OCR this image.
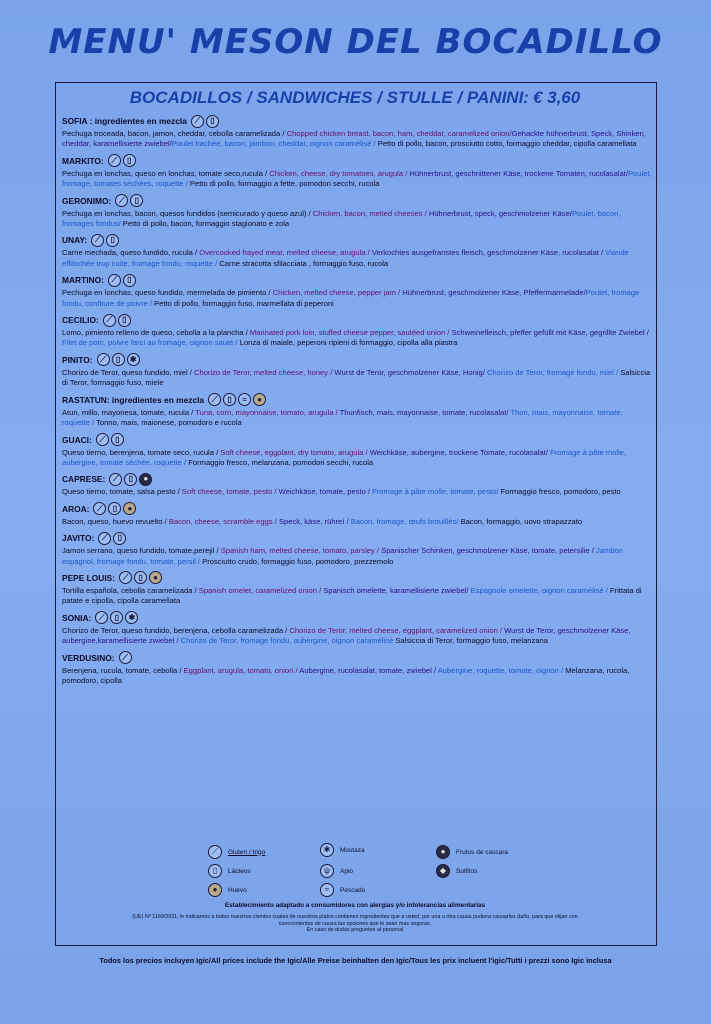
MENU' MESON DEL BOCADILLO
BOCADILLOS / SANDWICHES / STULLE / PANINI: € 3,60
SOFIA : ingredientes en mezcla ⟋	▯
Pechuga troceada, bacon, jamon, cheddar, cebolla caramelizada / Chopped chicken breast, bacon, ham, cheddar, caramelized onion/Gehackte hühnerbrust, Speck, Shinken, cheddar, karamellisierte zwiebel/Poulet hachée, bacon, jambon, cheddar, oignon caramélisé / Petto di pollo, bacon, prosciutto cotto, formaggio cheddar, cipolla caramellata
MARKITO: ⟋	▯
Pechuga en lonchas, queso en lonchas, tomate seco,rucula / Chicken, cheese, dry tomatoes, arugula / Hühnerbrust, geschnittener Käse, trockene Tomaten, rucolasalat/Poulet, fromage, tomates séchées, roquette / Petto di pollo, formaggio a fette, pomodori secchi, rucola
GERONIMO: ⟋	▯
Pechuga en lonchas, bacon, quesos fundidos (semicurado y queso azul) / Chicken, bacon, melted cheeses / Hühnerbrust, speck, geschmolzener Käse/Poulet, bacon, fromages fondus/ Petto di pollo, bacon, formaggio stagionato e zola
UNAY: ⟋	▯
Carne mechada, queso fundido, rucula / Overcooked frayed meat, melted cheese, arugula / Verkochtes ausgefranstes fleisch, geschmolzener Käse, rucolasalat / Viande effilochée trop cuite, fromage fondu, roquette / Carne stracotta sfilacciata , formaggio fuso, rucola
MARTINO: ⟋	▯
Pechuga en lonchas, queso fundido, mermelada de pimiento / Chicken, melted cheese, pepper jam / Hühnerbrust, geschmolzener Käse, Pfeffermarmelade/Poulet, fromage fondu, confiture de poivre / Petto di pollo, formaggio fuso, marmellata di peperoni
CECILIO: ⟋	▯
Lomo, pimiento relleno de queso, cebolla a la plancha / Marinated pork loin, stuffed cheese pepper, sautéed onion / Schweinefleisch, pfeffer gefüllt mit Käse, gegrillte Zwiebel / Filet de porc, poivre farci au fromage, oignon sauté / Lonza di maiale, peperoni ripieni di formaggio, cipolla alla piastra
PINITO: ⟋	▯	✱
Chorizo de Teror, queso fundido, miel / Chorizo de Teror, melted cheese, honey / Wurst de Teror, geschmolzener Käse, Honig/ Chorizo de Teror, fromage fondu, miel / Salsiccia di Teror, formaggio fuso, miele
RASTATUN: ingredientes en mezcla ⟋	▯	≈	●
Atun, millo, mayonesa, tomate, rucula / Tuna, corn, mayonnaise, tomato, arugula / Thunfisch, mais, mayonnaise, tomate, rucolasalat/ Thon, mais, mayonnaise, tomate, roquette / Tonno, mais, maionese, pomodoro e rucola
GUACI: ⟋	▯
Queso tierno, berenjena, tomate seco, rucula / Soft cheese, eggplant, dry tomato, arugula / Weichkäse, aubergine, trockene Tomate, rucolasalat/ Fromage à pâte molle, aubergine, tomate séchée, roquette / Formaggio fresco, melanzana, pomodori secchi, rucola
CAPRESE: ⟋	▯	●
Queso tierno, tomate, salsa pesto / Soft cheese, tomate, pesto / Weichkäse, tomate, pesto / Fromage à pâte molle, tomate, pesto/ Formaggio fresco, pomodoro, pesto
AROA: ⟋	▯	●
Bacon, queso, huevo revuelto / Bacon, cheese, scramble eggs / Speck, käse, rühreí / Bacon, fromage, œufs brouillés/ Bacon, formaggio, uovo strapazzato
JAVITO: ⟋	▯
Jamon serrano, queso fundido, tomate,perejil / Spanish ham, melted cheese, tomato, parsley / Spanischer Schinken, geschmolzener Käse, tomate, petersilie / Jambon espagnol, fromage fondu, tomate, persil / Prosciutto crudo, formaggio fuso, pomodoro, prezzemolo
PEPE LOUIS: ⟋	▯	●
Tortilla española, cebolla caramelizada / Spanish omelet, caramelized onion / Spanisch omelette, karamellisierte zwiebel/ Espagnole omelette, oignon caramélisé / Frittata di patate e cipolla, cipolla caramellata
SONIA: ⟋	▯	✱
Chorizo de Teror, queso fundido, berenjena, cebolla caramelizada / Chorizo de Teror, melted cheese, eggplant, caramelized onion / Wurst de Teror, geschmolzener Käse, aubergine,karamellisierte zwiebel / Chorizo de Teror, fromage fondu, aubergine, oignon caramélisé Salsiccia di Teror, formaggio fuso, melanzana
VERDUSINO: ⟋
Berenjena, rucula, tomate, cebolla / Eggplant, arugula, tomato, onion / Aubergine, rucolasalat, tomate, zwiebel / Aubergine, roquette, tomate, oignon / Melanzana, rucola, pomodoro, cipolla
⟋	Gluten / trigo
▯	Lácteos
●	Huevo
✱	Mostaza
ψ	Apio
≈	Pescado
●	Frutos de cascara
◆	Sulfitos
Establecimiento adaptado a consumidores con alergias y/o intolerancias alimentarias
(UE) Nº 1169/2011, le indicamos a todos nuestros clientes cuales de nuestros platos contienen ingredientes que a usted, por una u otra causa pudiera causarles daño, para que elijan con conocimientos de causa las opciones que le sean mas seguras.
En caso de dudas pregunten al personal
Todos los precios incluyen Igic/All prices include the Igic/Alle Preise beinhalten den Igic/Tous les prix incluent l'igic/Tutti i prezzi sono Igic inclusa
